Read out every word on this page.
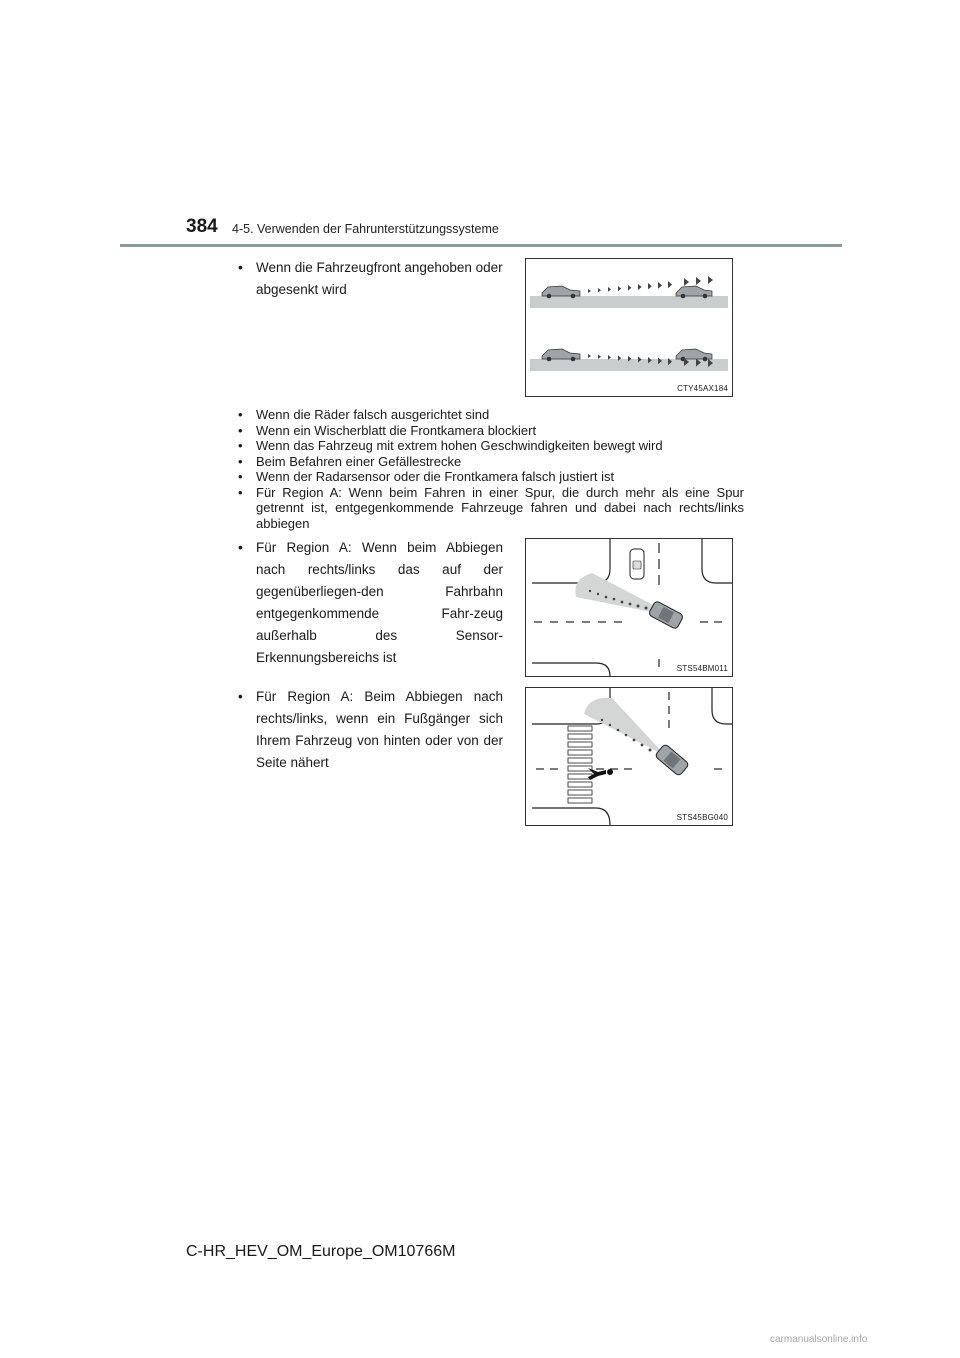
384 4-5. Verwenden der Fahrunterstützungssysteme
• Wenn die Fahrzeugfront angehoben oder abgesenkt wird
CTY45AX184
•	Wenn die Räder falsch ausgerichtet sind
•	Wenn ein Wischerblatt die Frontkamera blockiert
•	Wenn das Fahrzeug mit extrem hohen Geschwindigkeiten bewegt wird
•	Beim Befahren einer Gefällestrecke
•	Wenn der Radarsensor oder die Frontkamera falsch justiert ist
•	Für Region A: Wenn beim Fahren in einer Spur, die durch mehr als eine Spur getrennt ist, entgegenkommende Fahrzeuge fahren und dabei nach rechts/links abbiegen
• Für Region A: Wenn beim Abbiegen nach rechts/links das auf der gegenüberliegen-den Fahrbahn entgegenkommende Fahr-zeug außerhalb des Sensor-Erkennungsbereichs ist
STS54BM011
• Für Region A: Beim Abbiegen nach rechts/links, wenn ein Fußgänger sich Ihrem Fahrzeug von hinten oder von der Seite nähert
STS45BG040
C-HR_HEV_OM_Europe_OM10766M
carmanualsonline.info
